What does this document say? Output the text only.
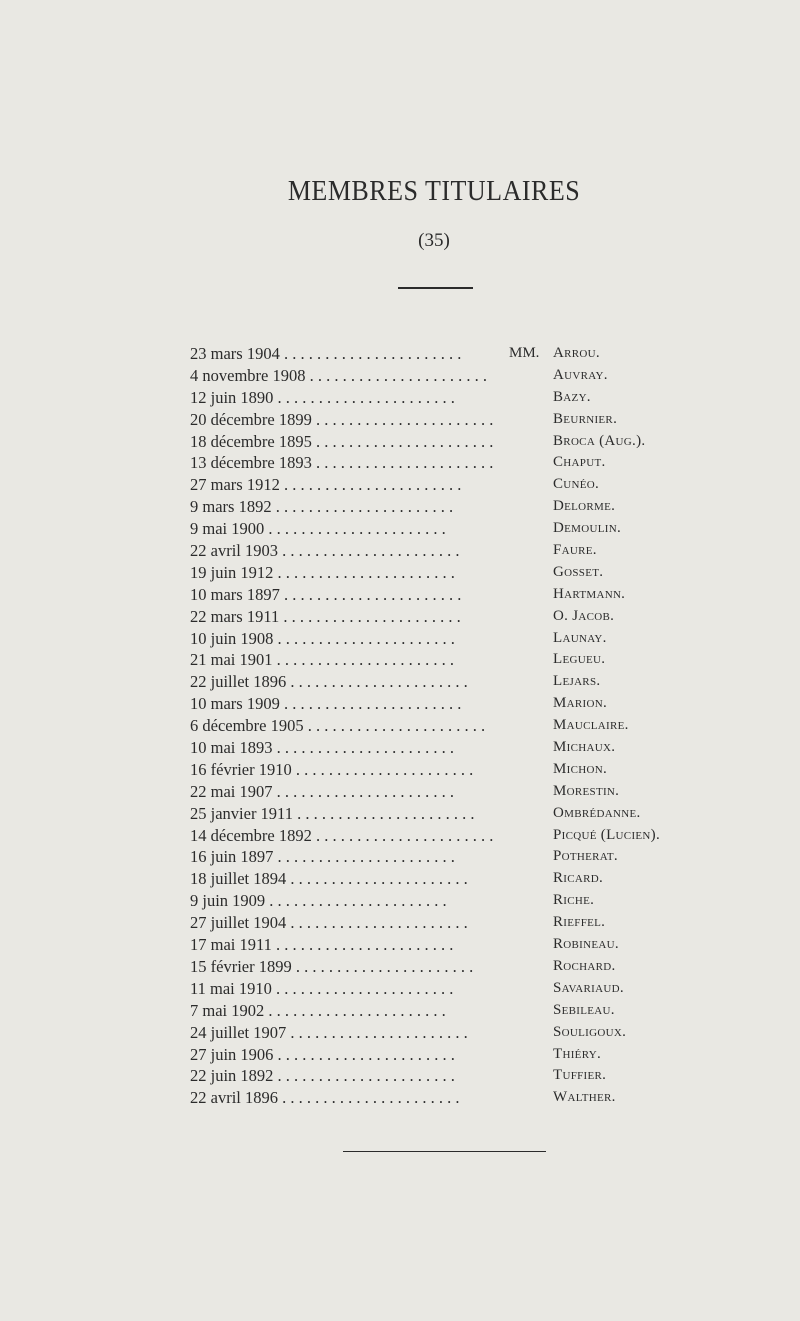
MEMBRES TITULAIRES
(35)
23 mars 1904 . . . . . . . . . . . . . . . . . . . . . .	MM. Arrou.
4 novembre 1908 . . . . . . . . . . . . . . . . . . . . . .	Auvray.
12 juin 1890 . . . . . . . . . . . . . . . . . . . . . .	Bazy.
20 décembre 1899 . . . . . . . . . . . . . . . . . . . . . .	Beurnier.
18 décembre 1895 . . . . . . . . . . . . . . . . . . . . . .	Broca (Aug.).
13 décembre 1893 . . . . . . . . . . . . . . . . . . . . . .	Chaput.
27 mars 1912 . . . . . . . . . . . . . . . . . . . . . .	Cunéo.
9 mars 1892 . . . . . . . . . . . . . . . . . . . . . .	Delorme.
9 mai 1900 . . . . . . . . . . . . . . . . . . . . . .	Demoulin.
22 avril 1903 . . . . . . . . . . . . . . . . . . . . . .	Faure.
19 juin 1912 . . . . . . . . . . . . . . . . . . . . . .	Gosset.
10 mars 1897 . . . . . . . . . . . . . . . . . . . . . .	Hartmann.
22 mars 1911 . . . . . . . . . . . . . . . . . . . . . .	O. Jacob.
10 juin 1908 . . . . . . . . . . . . . . . . . . . . . .	Launay.
21 mai 1901 . . . . . . . . . . . . . . . . . . . . . .	Legueu.
22 juillet 1896 . . . . . . . . . . . . . . . . . . . . . .	Lejars.
10 mars 1909 . . . . . . . . . . . . . . . . . . . . . .	Marion.
6 décembre 1905 . . . . . . . . . . . . . . . . . . . . . .	Mauclaire.
10 mai 1893 . . . . . . . . . . . . . . . . . . . . . .	Michaux.
16 février 1910 . . . . . . . . . . . . . . . . . . . . . .	Michon.
22 mai 1907 . . . . . . . . . . . . . . . . . . . . . .	Morestin.
25 janvier 1911 . . . . . . . . . . . . . . . . . . . . . .	Ombrédanne.
14 décembre 1892 . . . . . . . . . . . . . . . . . . . . . .	Picqué (Lucien).
16 juin 1897 . . . . . . . . . . . . . . . . . . . . . .	Potherat.
18 juillet 1894 . . . . . . . . . . . . . . . . . . . . . .	Ricard.
9 juin 1909 . . . . . . . . . . . . . . . . . . . . . .	Riche.
27 juillet 1904 . . . . . . . . . . . . . . . . . . . . . .	Rieffel.
17 mai 1911 . . . . . . . . . . . . . . . . . . . . . .	Robineau.
15 février 1899 . . . . . . . . . . . . . . . . . . . . . .	Rochard.
11 mai 1910 . . . . . . . . . . . . . . . . . . . . . .	Savariaud.
7 mai 1902 . . . . . . . . . . . . . . . . . . . . . .	Sebileau.
24 juillet 1907 . . . . . . . . . . . . . . . . . . . . . .	Souligoux.
27 juin 1906 . . . . . . . . . . . . . . . . . . . . . .	Thiéry.
22 juin 1892 . . . . . . . . . . . . . . . . . . . . . .	Tuffier.
22 avril 1896 . . . . . . . . . . . . . . . . . . . . . .	Walther.
